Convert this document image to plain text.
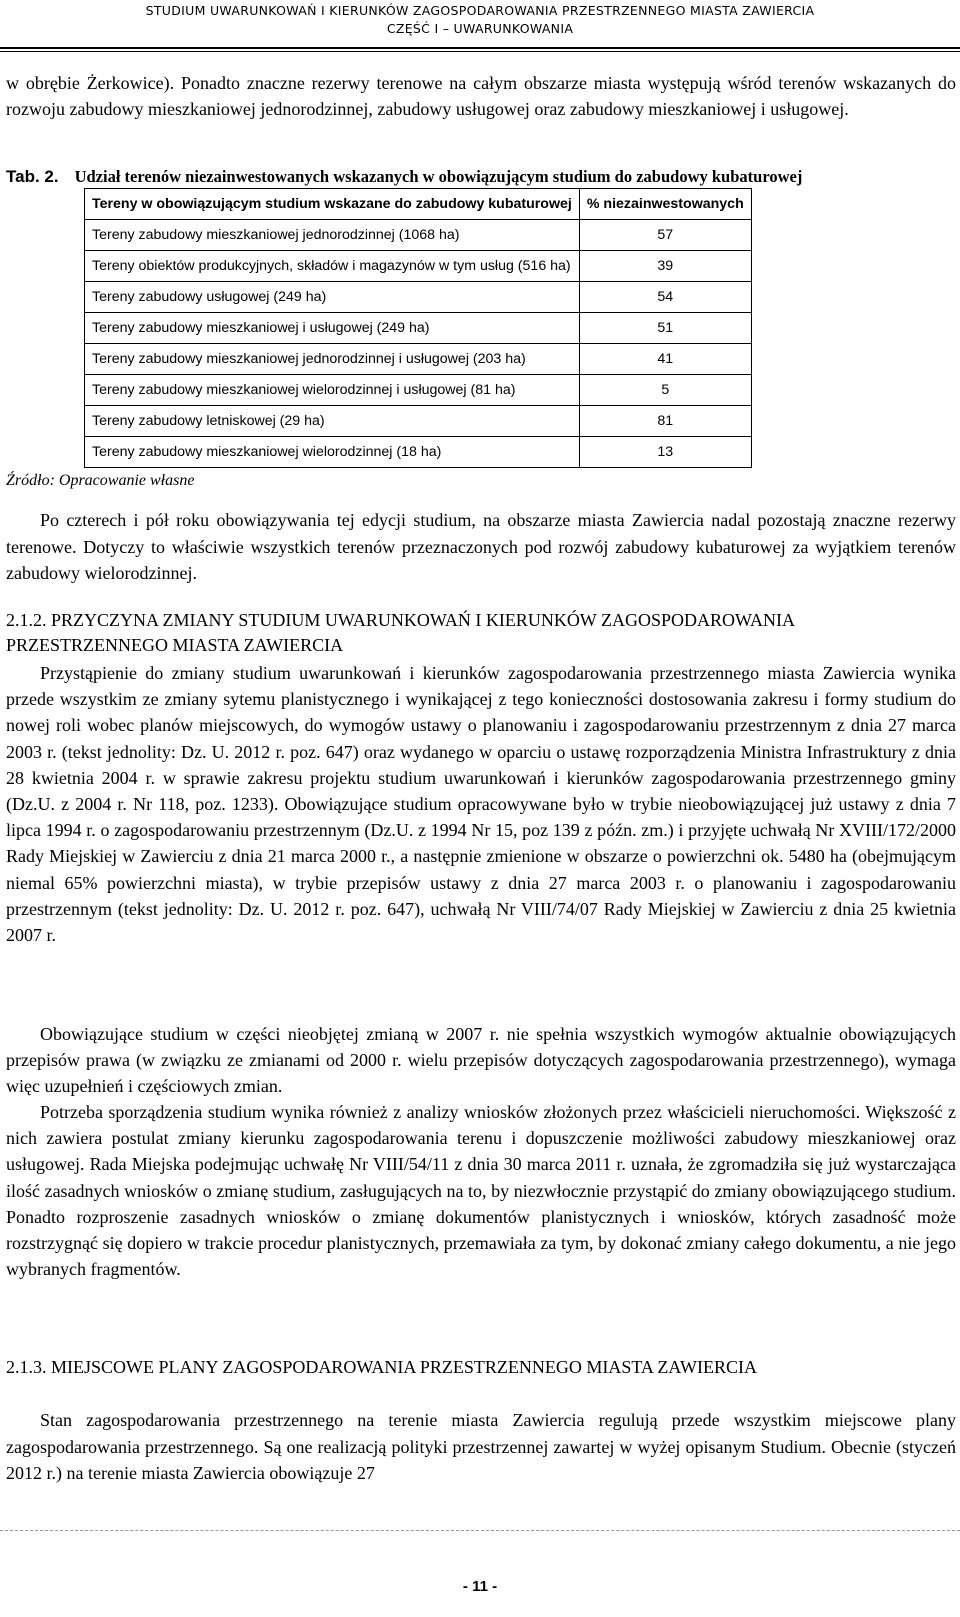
STUDIUM UWARUNKOWAŃ I KIERUNKÓW ZAGOSPODAROWANIA PRZESTRZENNEGO MIASTA ZAWIERCIA
CZĘŚĆ I – UWARUNKOWANIA
w obrębie Żerkowice). Ponadto znaczne rezerwy terenowe na całym obszarze miasta występują wśród terenów wskazanych do rozwoju zabudowy mieszkaniowej jednorodzinnej, zabudowy usługowej oraz zabudowy mieszkaniowej i usługowej.
Tab. 2. Udział terenów niezainwestowanych wskazanych w obowiązującym studium do zabudowy kubaturowej
Tereny w obowiązującym studium wskazane do zabudowy kubaturowej	% niezainwestowanych
Tereny zabudowy mieszkaniowej jednorodzinnej (1068 ha)	57
Tereny obiektów produkcyjnych, składów i magazynów w tym usług (516 ha)	39
Tereny zabudowy usługowej (249 ha)	54
Tereny zabudowy mieszkaniowej i usługowej (249 ha)	51
Tereny zabudowy mieszkaniowej jednorodzinnej i usługowej (203 ha)	41
Tereny zabudowy mieszkaniowej wielorodzinnej i usługowej (81 ha)	5
Tereny zabudowy letniskowej (29 ha)	81
Tereny zabudowy mieszkaniowej wielorodzinnej (18 ha)	13
Źródło: Opracowanie własne
Po czterech i pół roku obowiązywania tej edycji studium, na obszarze miasta Zawiercia nadal pozostają znaczne rezerwy terenowe. Dotyczy to właściwie wszystkich terenów przeznaczonych pod rozwój zabudowy kubaturowej za wyjątkiem terenów zabudowy wielorodzinnej.
2.1.2. PRZYCZYNA ZMIANY STUDIUM UWARUNKOWAŃ I KIERUNKÓW ZAGOSPODAROWANIA PRZESTRZENNEGO MIASTA ZAWIERCIA
Przystąpienie do zmiany studium uwarunkowań i kierunków zagospodarowania przestrzennego miasta Zawiercia wynika przede wszystkim ze zmiany sytemu planistycznego i wynikającej z tego konieczności dostosowania zakresu i formy studium do nowej roli wobec planów miejscowych, do wymogów ustawy o planowaniu i zagospodarowaniu przestrzennym z dnia 27 marca 2003 r. (tekst jednolity: Dz. U. 2012 r. poz. 647) oraz wydanego w oparciu o ustawę rozporządzenia Ministra Infrastruktury z dnia 28 kwietnia 2004 r. w sprawie zakresu projektu studium uwarunkowań i kierunków zagospodarowania przestrzennego gminy (Dz.U. z 2004 r. Nr 118, poz. 1233). Obowiązujące studium opracowywane było w trybie nieobowiązującej już ustawy z dnia 7 lipca 1994 r. o zagospodarowaniu przestrzennym (Dz.U. z 1994 Nr 15, poz 139 z późn. zm.) i przyjęte uchwałą Nr XVIII/172/2000 Rady Miejskiej w Zawierciu z dnia 21 marca 2000 r., a następnie zmienione w obszarze o powierzchni ok. 5480 ha (obejmującym niemal 65% powierzchni miasta), w trybie przepisów ustawy z dnia 27 marca 2003 r. o planowaniu i zagospodarowaniu przestrzennym (tekst jednolity: Dz. U. 2012 r. poz. 647), uchwałą Nr VIII/74/07 Rady Miejskiej w Zawierciu z dnia 25 kwietnia 2007 r.
Obowiązujące studium w części nieobjętej zmianą w 2007 r. nie spełnia wszystkich wymogów aktualnie obowiązujących przepisów prawa (w związku ze zmianami od 2000 r. wielu przepisów dotyczących zagospodarowania przestrzennego), wymaga więc uzupełnień i częściowych zmian.
Potrzeba sporządzenia studium wynika również z analizy wniosków złożonych przez właścicieli nieruchomości. Większość z nich zawiera postulat zmiany kierunku zagospodarowania terenu i dopuszczenie możliwości zabudowy mieszkaniowej oraz usługowej. Rada Miejska podejmując uchwałę Nr VIII/54/11 z dnia 30 marca 2011 r. uznała, że zgromadziła się już wystarczająca ilość zasadnych wniosków o zmianę studium, zasługujących na to, by niezwłocznie przystąpić do zmiany obowiązującego studium. Ponadto rozproszenie zasadnych wniosków o zmianę dokumentów planistycznych i wniosków, których zasadność może rozstrzygnąć się dopiero w trakcie procedur planistycznych, przemawiała za tym, by dokonać zmiany całego dokumentu, a nie jego wybranych fragmentów.
2.1.3. MIEJSCOWE PLANY ZAGOSPODAROWANIA PRZESTRZENNEGO MIASTA ZAWIERCIA
Stan zagospodarowania przestrzennego na terenie miasta Zawiercia regulują przede wszystkim miejscowe plany zagospodarowania przestrzennego. Są one realizacją polityki przestrzennej zawartej w wyżej opisanym Studium. Obecnie (styczeń 2012 r.) na terenie miasta Zawiercia obowiązuje 27
- 11 -
